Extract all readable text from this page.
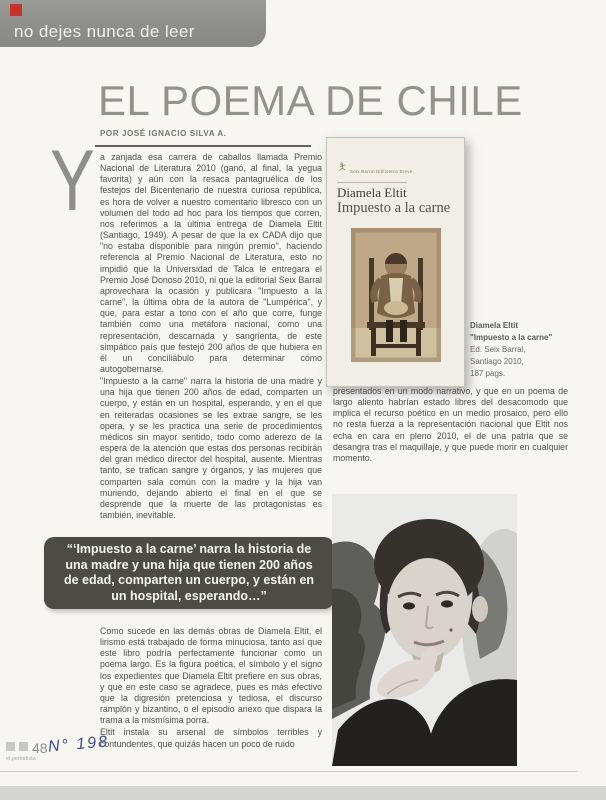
no dejes nunca de leer
EL POEMA DE CHILE
POR JOSÉ IGNACIO SILVA A.
Y a zanjada esa carrera de caballos llamada Premio Nacional de Literatura 2010 (ganó, al final, la yegua favorita) y aún con la resaca pantagruélica de los festejos del Bicentenario de nuestra curiosa república, es hora de volver a nuestro comentario libresco con un volumen del todo ad hoc para los tiempos que corren, nos referimos a la última entrega de Diamela Eltit (Santiago, 1949). A pesar de que la ex CADA dijo que "no estaba disponible para ningún premio", haciendo referencia al Premio Nacional de Literatura, esto no impidió que la Universidad de Talca le entregara el Premio José Donoso 2010, ni que la editorial Seix Barral aprovechara la ocasión y publicara "Impuesto a la carne", la última obra de la autora de "Lumpérica", y que, para estar a tono con el año que corre, funge también como una metáfora nacional, como una representación, descarnada y sangrienta, de este simpático país que festejó 200 años de que hubiera en él un conciliábulo para determinar cómo autogobernarse.
"Impuesto a la carne" narra la historia de una madre y una hija que tienen 200 años de edad, comparten un cuerpo, y están en un hospital, esperando, y en el que en reiteradas ocasiones se les extrae sangre, se les opera, y se les practica una serie de procedimientos médicos sin mayor sentido, todo como aderezo de la espera de la atención que estas dos personas recibirán del gran médico director del hospital, ausente. Mientras tanto, se trafican sangre y órganos, y las mujeres que comparten sala común con la madre y la hija van muriendo, dejando abierto el final en el que se desprende que la muerte de las protagonistas es también, inevitable.
“‘Impuesto a la carne’ narra la historia de una madre y una hija que tienen 200 años de edad, comparten un cuerpo, y están en un hospital, esperando…”
Como sucede en las demás obras de Diamela Eltit, el lirismo está trabajado de forma minuciosa, tanto así que este libro podría perfectamente funcionar como un poema largo. Es la figura poética, el símbolo y el signo los expedientes que Diamela Eltit prefiere en sus obras, y que en este caso se agradece, pues es más efectivo que la digresión pretenciosa y tediosa, el discurso ramplón y bizantino, o el episodio anexo que dispara la trama a la mismísima porra.
Eltit instala su arsenal de símbolos terribles y contundentes, que quizás hacen un poco de ruido
Seix Barral Biblioteca Breve
Diamela Eltit
Impuesto a la carne
Diamela Eltit
"Impuesto a la carne"
Ed. Seix Barral,
Santiago 2010,
187 pags.
presentados en un modo narrativo, y que en un poema de largo aliento habrían estado libres del desacomodo que implica el recurso poético en un medio prosaico, pero ello no resta fuerza a la representación nacional que Eltit nos echa en cara en pleno 2010, el de una patria que se desangra tras el maquillaje, y que puede morir en cualquier momento.
48
el periodista
N° 198
